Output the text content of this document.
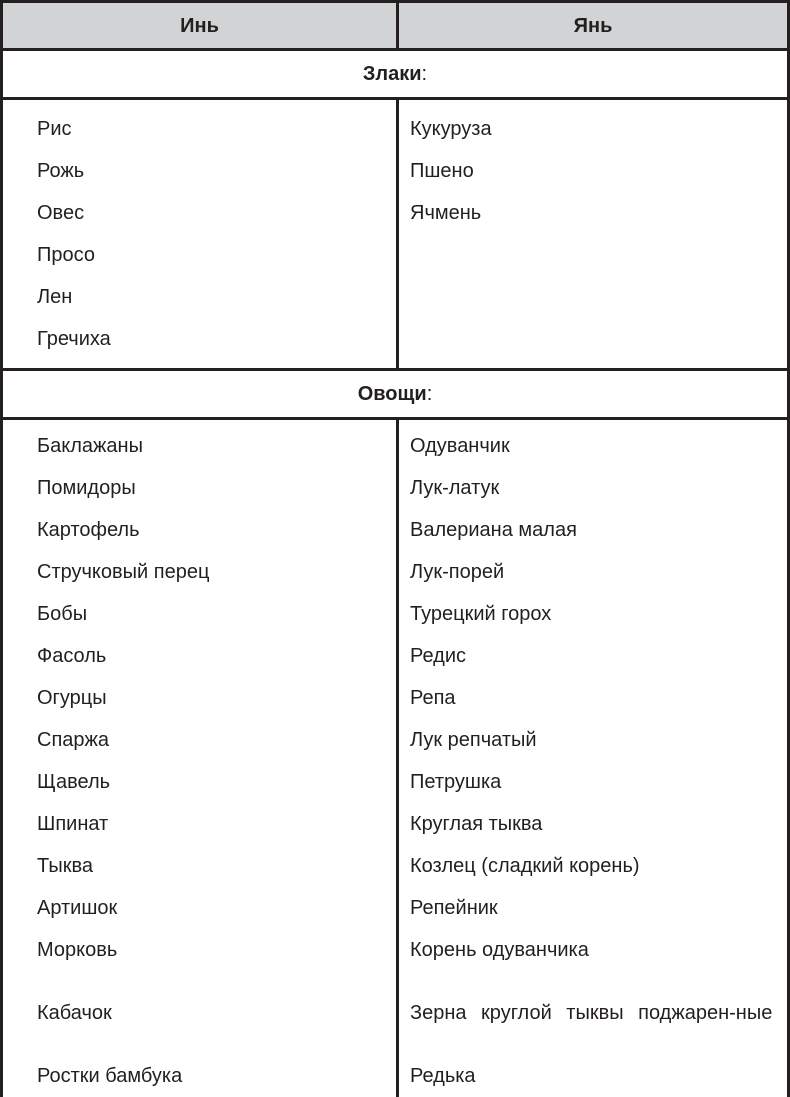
Инь	Янь
Злаки :
Рис
Рожь
Овес
Просо
Лен
Гречиха
Кукуруза
Пшено
Ячмень
Овощи :
Баклажаны
Помидоры
Картофель
Стручковый перец
Бобы
Фасоль
Огурцы
Спаржа
Щавель
Шпинат
Тыква
Артишок
Морковь
Кабачок
Ростки бамбука
Одуванчик
Лук-латук
Валериана малая
Лук-порей
Турецкий горох
Редис
Репа
Лук репчатый
Петрушка
Круглая тыква
Козлец (сладкий корень)
Репейник
Корень одуванчика
Зерна круглой тыквы поджарен-ные
Редька
